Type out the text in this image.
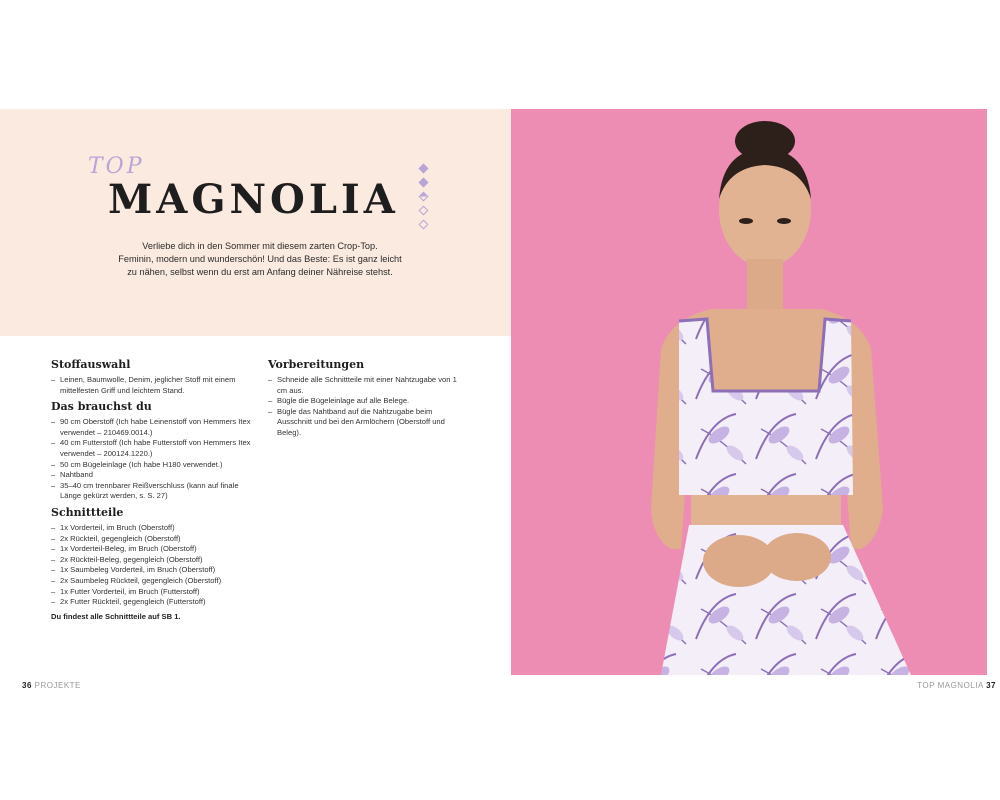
TOP
MAGNOLIA

Verliebe dich in den Sommer mit diesem zarten Crop-Top.

Feminin, modern und wunderschön! Und das Beste: Es ist ganz leicht

zu nähen, selbst wenn du erst am Anfang deiner Nähreise stehst.

Stoffauswahl
– Leinen, Baumwolle, Denim, jeglicher Stoff mit einem mittelfesten Griff und leichtem Stand.
Das brauchst du
– 90 cm Oberstoff (Ich habe Leinenstoff von Hemmers Itex verwendet – 210469.0014.)
– 40 cm Futterstoff (Ich habe Futterstoff von Hemmers Itex verwendet – 200124.1220.)
– 50 cm Bügeleinlage (Ich habe H180 verwendet.)
– Nahtband
– 35–40 cm trennbarer Reißverschluss (kann auf finale Länge gekürzt werden, s. S. 27)
Schnittteile
– 1x Vorderteil, im Bruch (Oberstoff)
– 2x Rückteil, gegengleich (Oberstoff)
– 1x Vorderteil-Beleg, im Bruch (Oberstoff)
– 2x Rückteil-Beleg, gegengleich (Oberstoff)
– 1x Saumbeleg Vorderteil, im Bruch (Oberstoff)
– 2x Saumbeleg Rückteil, gegengleich (Oberstoff)
– 1x Futter Vorderteil, im Bruch (Futterstoff)
– 2x Futter Rückteil, gegengleich (Futterstoff)
Du findest alle Schnittteile auf SB 1.
Vorbereitungen
– Schneide alle Schnittteile mit einer Nahtzugabe von 1 cm aus.
– Bügle die Bügeleinlage auf alle Belege.
– Bügle das Nahtband auf die Nahtzugabe beim Ausschnitt und bei den Armlöchern (Oberstoff und Beleg).
36 PROJEKTE	TOP MAGNOLIA 37
